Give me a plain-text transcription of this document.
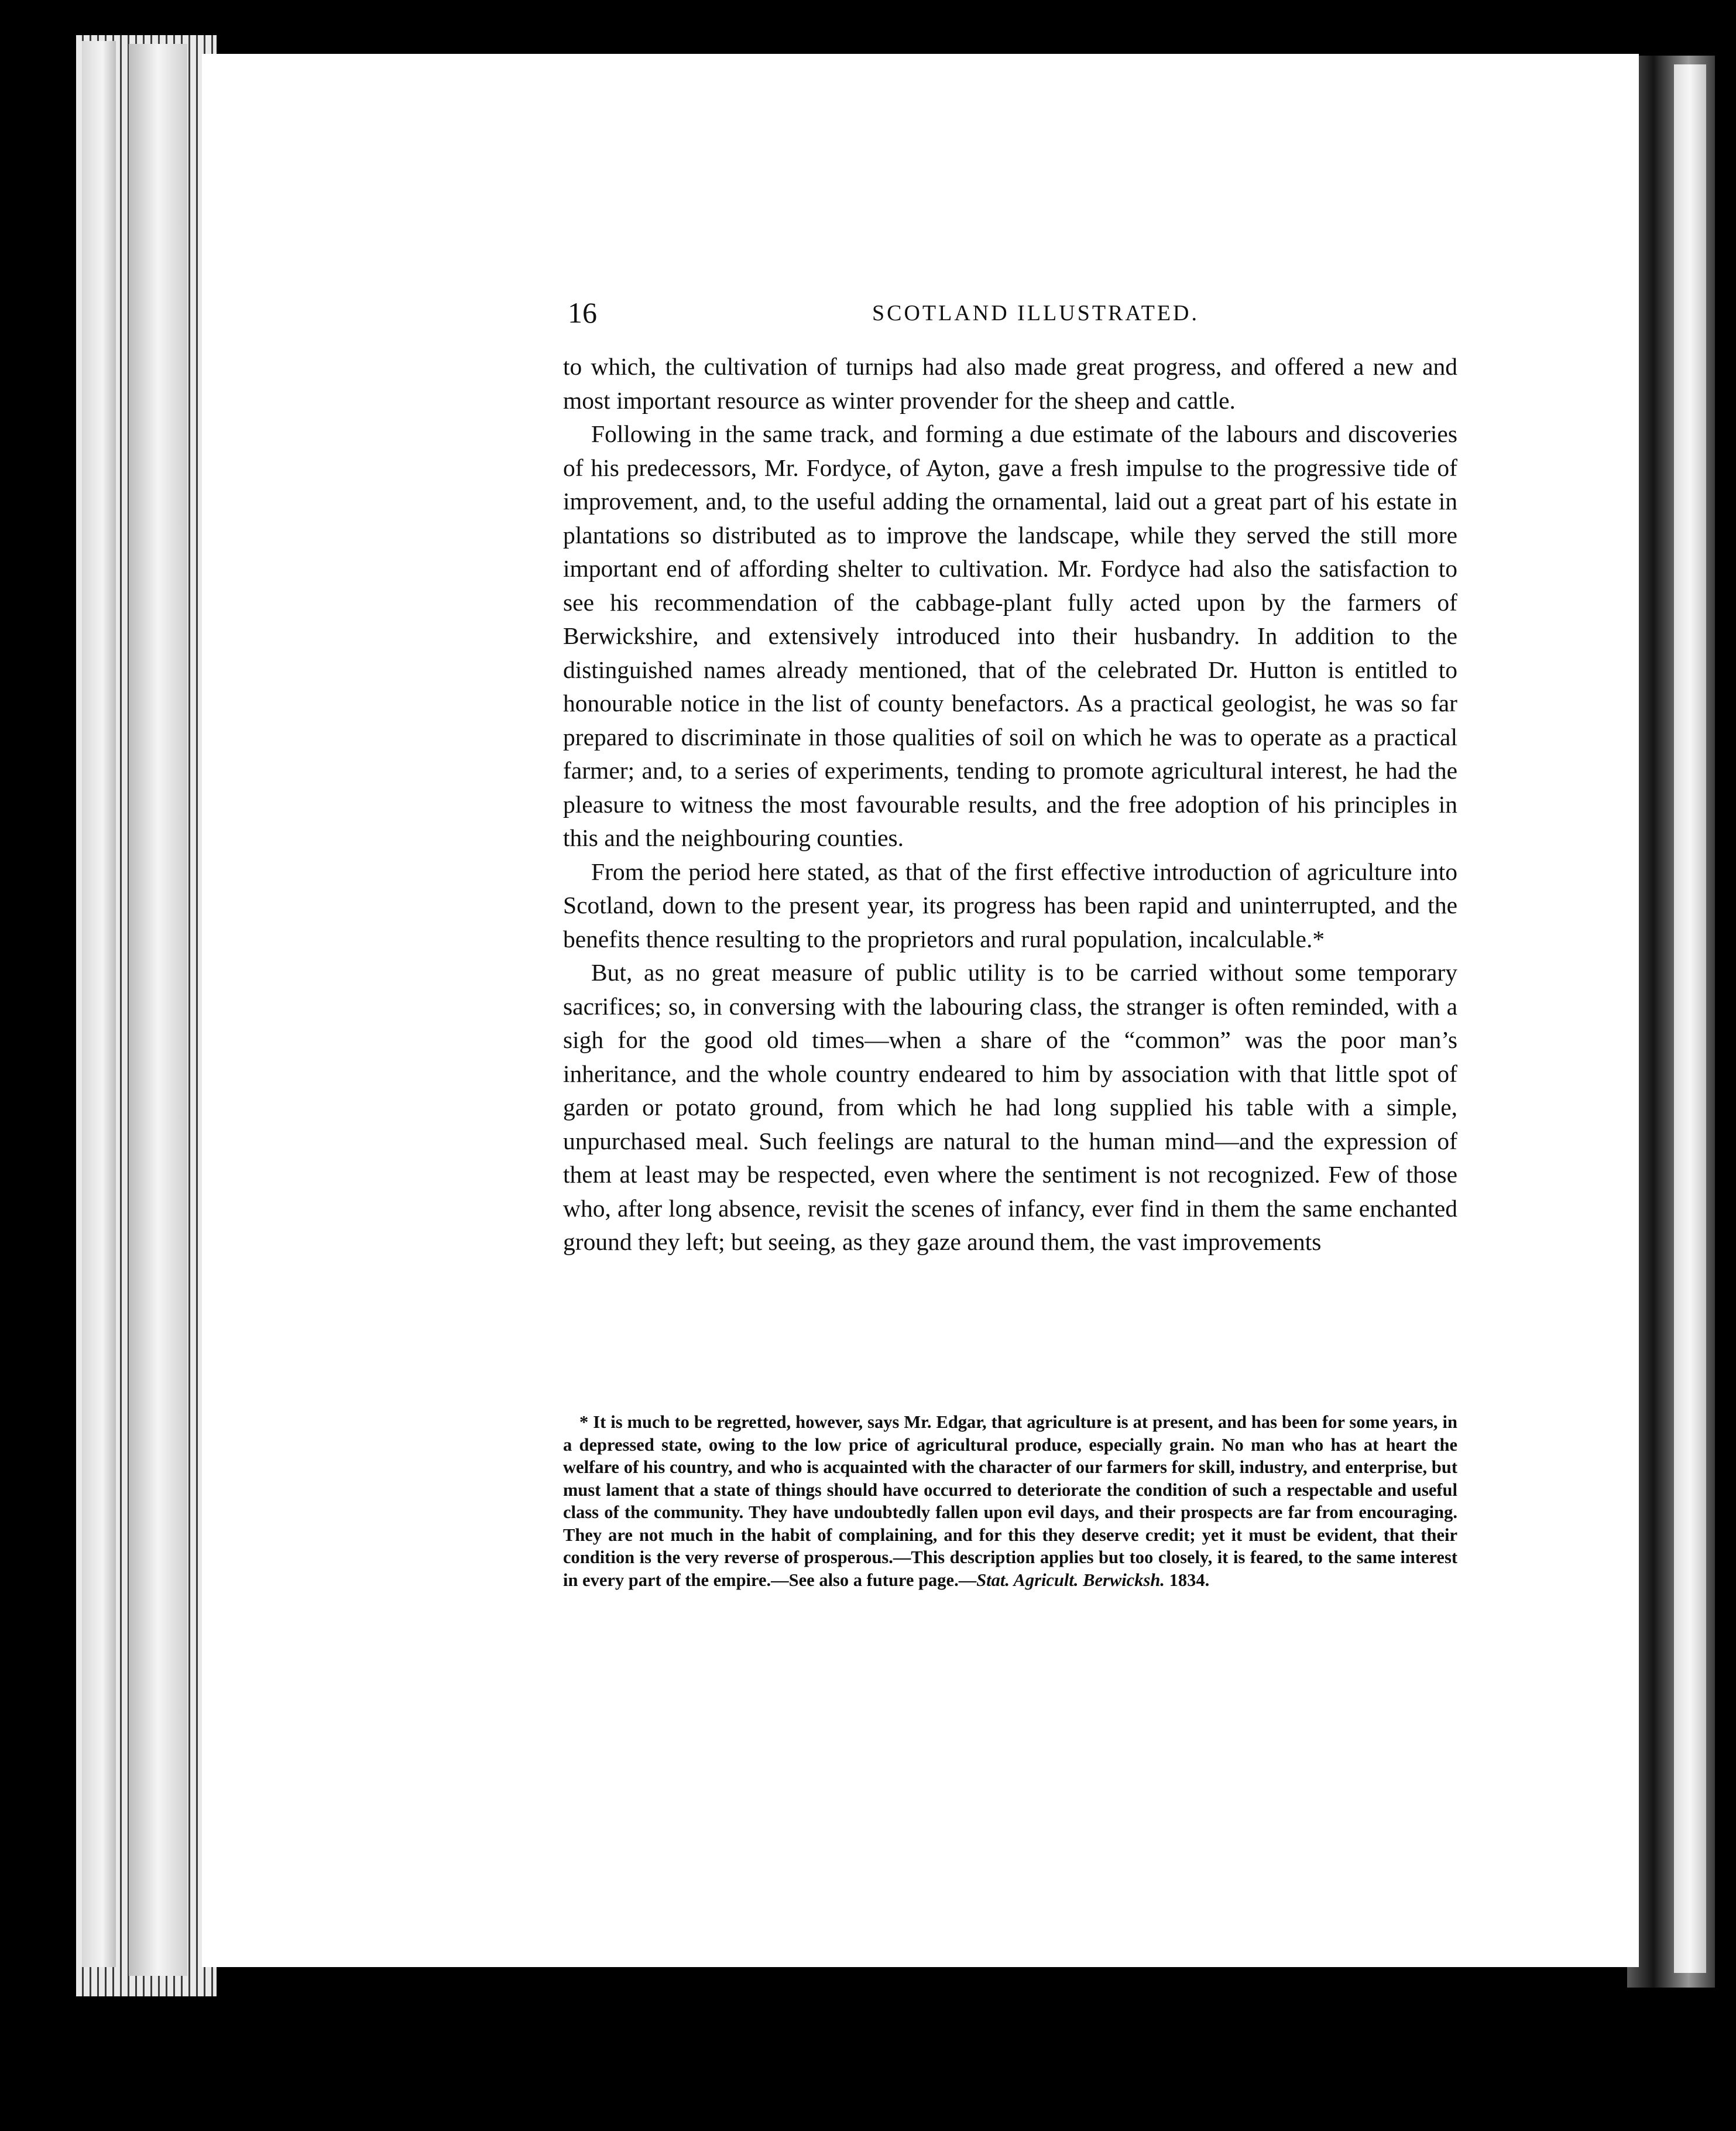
16	SCOTLAND ILLUSTRATED.

to which, the cultivation of turnips had also made great progress, and offered a new and most important resource as winter provender for the sheep and cattle.

Following in the same track, and forming a due estimate of the labours and discoveries of his predecessors, Mr. Fordyce, of Ayton, gave a fresh impulse to the progressive tide of improvement, and, to the useful adding the ornamental, laid out a great part of his estate in plantations so distributed as to improve the landscape, while they served the still more important end of affording shelter to cultivation. Mr. Fordyce had also the satisfaction to see his recommendation of the cabbage-plant fully acted upon by the farmers of Berwickshire, and extensively introduced into their husbandry. In addition to the distinguished names already mentioned, that of the celebrated Dr. Hutton is entitled to honourable notice in the list of county benefactors. As a practical geologist, he was so far prepared to discriminate in those qualities of soil on which he was to operate as a practical farmer; and, to a series of experiments, tending to promote agricultural interest, he had the pleasure to witness the most favourable results, and the free adoption of his principles in this and the neighbouring counties.

From the period here stated, as that of the first effective introduction of agriculture into Scotland, down to the present year, its progress has been rapid and uninterrupted, and the benefits thence resulting to the proprietors and rural population, incalculable.*

But, as no great measure of public utility is to be carried without some temporary sacrifices; so, in conversing with the labouring class, the stranger is often reminded, with a sigh for the good old times—when a share of the “common” was the poor man’s inheritance, and the whole country endeared to him by association with that little spot of garden or potato ground, from which he had long supplied his table with a simple, unpurchased meal. Such feelings are natural to the human mind—and the expression of them at least may be respected, even where the sentiment is not recognized. Few of those who, after long absence, revisit the scenes of infancy, ever find in them the same enchanted ground they left; but seeing, as they gaze around them, the vast improvements

* It is much to be regretted, however, says Mr. Edgar, that agriculture is at present, and has been for some years, in a depressed state, owing to the low price of agricultural produce, especially grain. No man who has at heart the welfare of his country, and who is acquainted with the character of our farmers for skill, industry, and enterprise, but must lament that a state of things should have occurred to deteriorate the condition of such a respectable and useful class of the community. They have undoubtedly fallen upon evil days, and their prospects are far from encouraging. They are not much in the habit of complaining, and for this they deserve credit; yet it must be evident, that their condition is the very reverse of prosperous.—This description applies but too closely, it is feared, to the same interest in every part of the empire.—See also a future page.—Stat. Agricult. Berwicksh. 1834.
